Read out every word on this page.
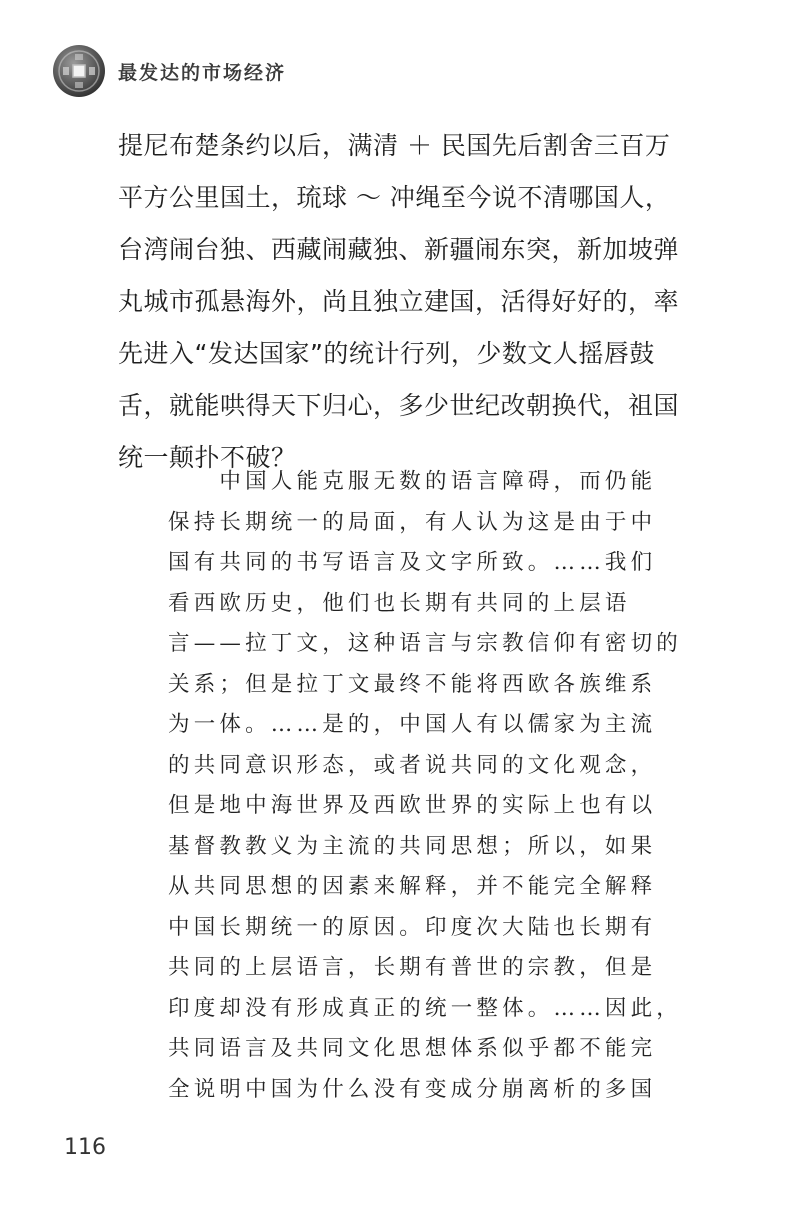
最发达的市场经济
提尼布楚条约以后，满清 ＋ 民国先后割舍三百万
平方公里国土，琉球 ～ 冲绳至今说不清哪国人，
台湾闹台独、西藏闹藏独、新疆闹东突，新加坡弹
丸城市孤悬海外，尚且独立建国，活得好好的，率
先进入“发达国家”的统计行列，少数文人摇唇鼓
舌，就能哄得天下归心，多少世纪改朝换代，祖国
统一颠扑不破？
　　中国人能克服无数的语言障碍，而仍能
保持长期统一的局面，有人认为这是由于中
国有共同的书写语言及文字所致。……我们
看西欧历史，他们也长期有共同的上层语
言——拉丁文，这种语言与宗教信仰有密切的
关系；但是拉丁文最终不能将西欧各族维系
为一体。……是的，中国人有以儒家为主流
的共同意识形态，或者说共同的文化观念，
但是地中海世界及西欧世界的实际上也有以
基督教教义为主流的共同思想；所以，如果
从共同思想的因素来解释，并不能完全解释
中国长期统一的原因。印度次大陆也长期有
共同的上层语言，长期有普世的宗教，但是
印度却没有形成真正的统一整体。……因此，
共同语言及共同文化思想体系似乎都不能完
全说明中国为什么没有变成分崩离析的多国
116
